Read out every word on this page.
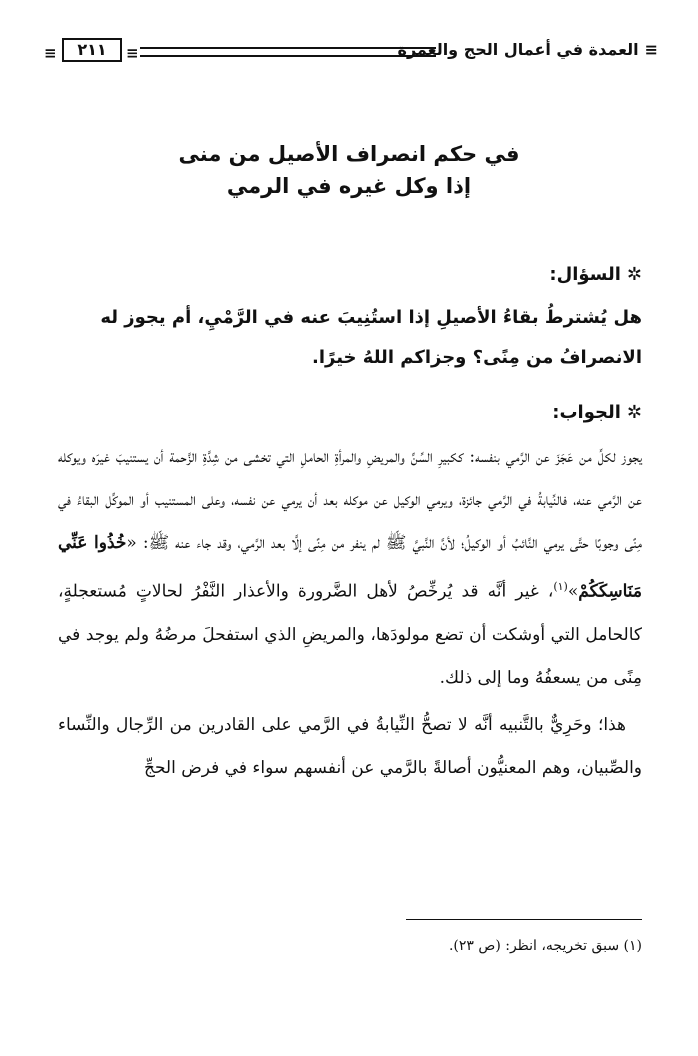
≡ العمدة في أعمال الحج والعمرة
≡
٢١١
≡
في حكم انصراف الأصيل من منى
إذا وكل غيره في الرمي
✲السؤال:
هل يُشترطُ بقاءُ الأصيلِ إذا استُنِيبَ عنه في الرَّمْيِ، أم يجوز له الانصرافُ من مِنًى؟ وجزاكم اللهُ خيرًا.
✲الجواب:

يجوز لكلِّ من عَجَزَ عن الرَّمي بنفسه: ككبيرِ السِّنِّ والمريضِ والمرأةِ الحاملِ التي تخشى من شِدَّةِ الزَّحمة أن يستنيبَ غيرَه ويوكله عن الرَّمي عنه، فالنِّيابةُ في الرَّمي جائزة، ويرمي الوكيل عن موكله بعد أن يرمي عن نفسه، وعلى المستنيب أو الموكِّل البقاءُ في مِنًى وجوبًا حتَّى يرمي النَّائبُ أو الوكيلُ؛ لأنَّ النَّبيَّ ﷺ لم ينفر من مِنًى إلَّا بعد الرَّمي، وقد جاء عنه ﷺ: «خُذُوا عَنِّي مَنَاسِكَكُمْ»$^{(١)}$، غير أنَّه قد يُرخِّصُ لأهل الضَّرورة والأعذار النَّفْرُ لحالاتٍ مُستعجلةٍ، كالحامل التي أوشكت أن تضع مولودَها، والمريضِ الذي استفحلَ مرضُهُ ولم يوجد في مِنًى من يسعفُهُ وما إلى ذلك.

هذا؛ وحَرِيٌّ بالتَّنبيه أنَّه لا تصحُّ النِّيابةُ في الرَّمي على القادرين من الرِّجال والنِّساء والصِّبيان، وهم المعنيُّون أصالةً بالرَّمي عن أنفسهم سواء في فرض الحجِّ

(١) سبق تخريجه، انظر: (ص ٢٣).
